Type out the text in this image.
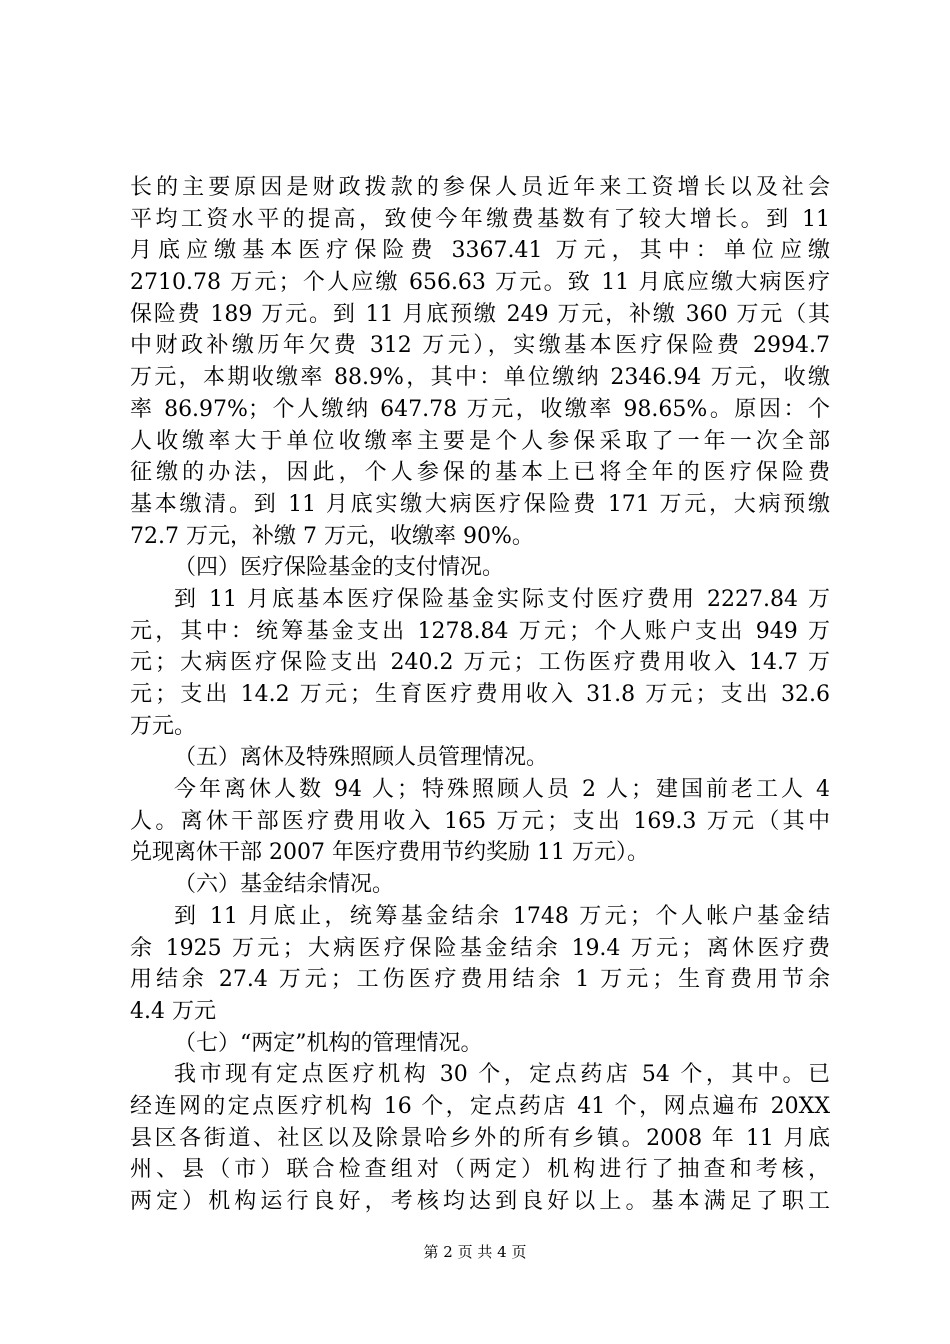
长的主要原因是财政拨款的参保人员近年来工资增长以及社会
平均工资水平的提高，致使今年缴费基数有了较大增长。到 11
月底应缴基本医疗保险费 3367.41 万元，其中：单位应缴
2710.78 万元；个人应缴 656.63 万元。致 11 月底应缴大病医疗
保险费 189 万元。到 11 月底预缴 249 万元，补缴 360 万元（其
中财政补缴历年欠费 312 万元），实缴基本医疗保险费 2994.7
万元，本期收缴率 88.9%，其中：单位缴纳 2346.94 万元，收缴
率 86.97%；个人缴纳 647.78 万元，收缴率 98.65%。原因：个
人收缴率大于单位收缴率主要是个人参保采取了一年一次全部
征缴的办法，因此，个人参保的基本上已将全年的医疗保险费
基本缴清。到 11 月底实缴大病医疗保险费 171 万元，大病预缴
72.7 万元，补缴 7 万元，收缴率 90%。
（四）医疗保险基金的支付情况。
到 11 月底基本医疗保险基金实际支付医疗费用 2227.84 万
元，其中：统筹基金支出 1278.84 万元；个人账户支出 949 万
元；大病医疗保险支出 240.2 万元；工伤医疗费用收入 14.7 万
元；支出 14.2 万元；生育医疗费用收入 31.8 万元；支出 32.6
万元。
（五）离休及特殊照顾人员管理情况。
今年离休人数 94 人；特殊照顾人员 2 人；建国前老工人 4
人。离休干部医疗费用收入 165 万元；支出 169.3 万元（其中
兑现离休干部 2007 年医疗费用节约奖励 11 万元）。
（六）基金结余情况。
到 11 月底止，统筹基金结余 1748 万元；个人帐户基金结
余 1925 万元；大病医疗保险基金结余 19.4 万元；离休医疗费
用结余 27.4 万元；工伤医疗费用结余 1 万元；生育费用节余
4.4 万元
（七）“两定”机构的管理情况。
我市现有定点医疗机构 30 个，定点药店 54 个，其中。已
经连网的定点医疗机构 16 个，定点药店 41 个，网点遍布 20XX
县区各街道、社区以及除景哈乡外的所有乡镇。2008 年 11 月底
州、县（市）联合检查组对（两定）机构进行了抽查和考核，
两定）机构运行良好，考核均达到良好以上。基本满足了职工
第 2 页 共 4 页
